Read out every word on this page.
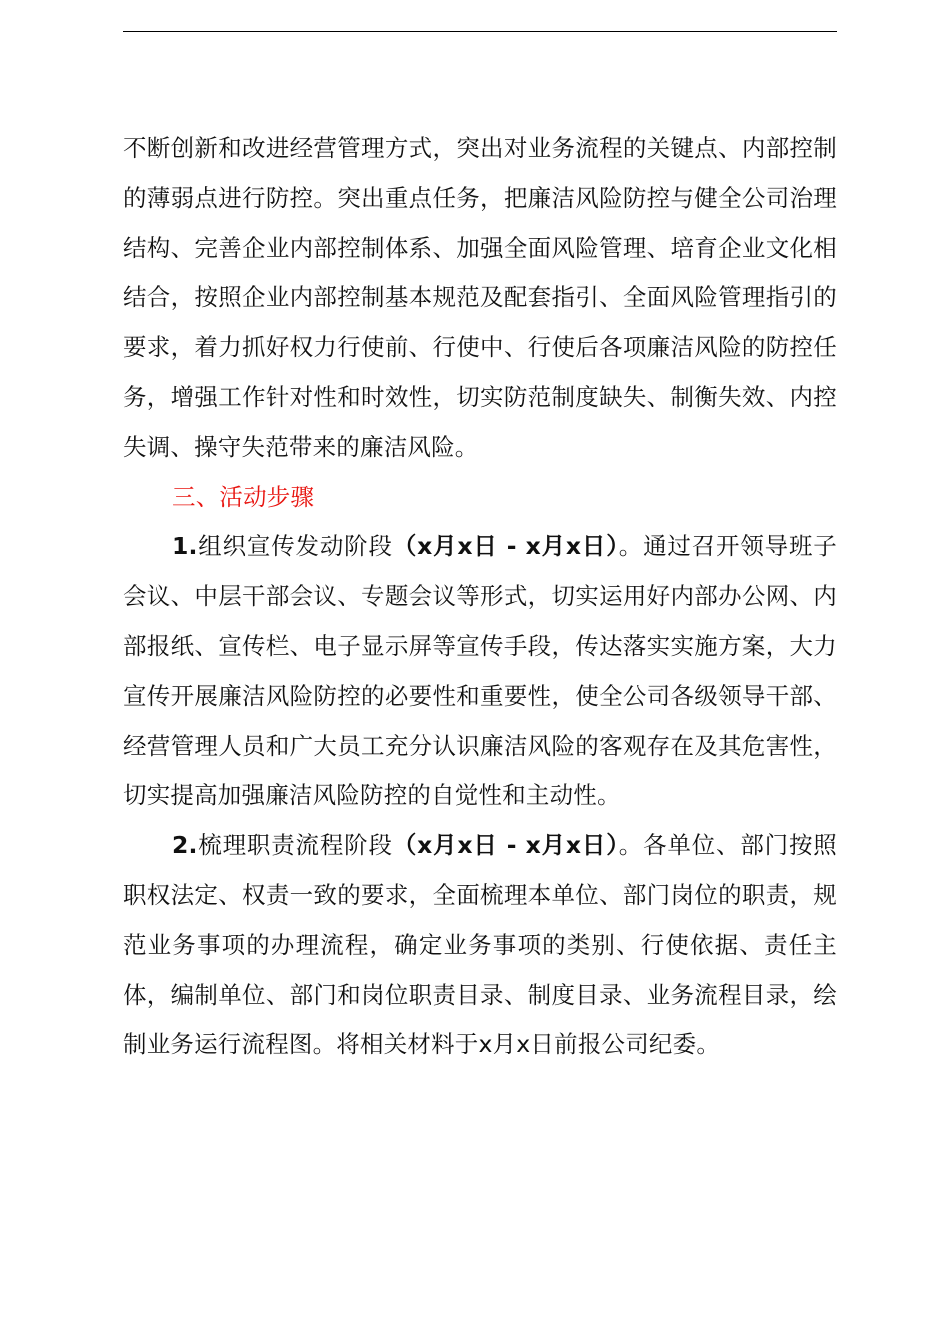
不断创新和改进经营管理方式，突出对业务流程的关键点、内部控制的薄弱点进行防控。突出重点任务，把廉洁风险防控与健全公司治理结构、完善企业内部控制体系、加强全面风险管理、培育企业文化相结合，按照企业内部控制基本规范及配套指引、全面风险管理指引的要求，着力抓好权力行使前、行使中、行使后各项廉洁风险的防控任务，增强工作针对性和时效性，切实防范制度缺失、制衡失效、内控失调、操守失范带来的廉洁风险。

三、活动步骤

1.组织宣传发动阶段（x月x日 - x月x日）。通过召开领导班子会议、中层干部会议、专题会议等形式，切实运用好内部办公网、内部报纸、宣传栏、电子显示屏等宣传手段，传达落实实施方案，大力宣传开展廉洁风险防控的必要性和重要性，使全公司各级领导干部、经营管理人员和广大员工充分认识廉洁风险的客观存在及其危害性，切实提高加强廉洁风险防控的自觉性和主动性。

2.梳理职责流程阶段（x月x日 - x月x日）。各单位、部门按照职权法定、权责一致的要求，全面梳理本单位、部门岗位的职责，规范业务事项的办理流程，确定业务事项的类别、行使依据、责任主体，编制单位、部门和岗位职责目录、制度目录、业务流程目录，绘制业务运行流程图。将相关材料于x月x日前报公司纪委。
